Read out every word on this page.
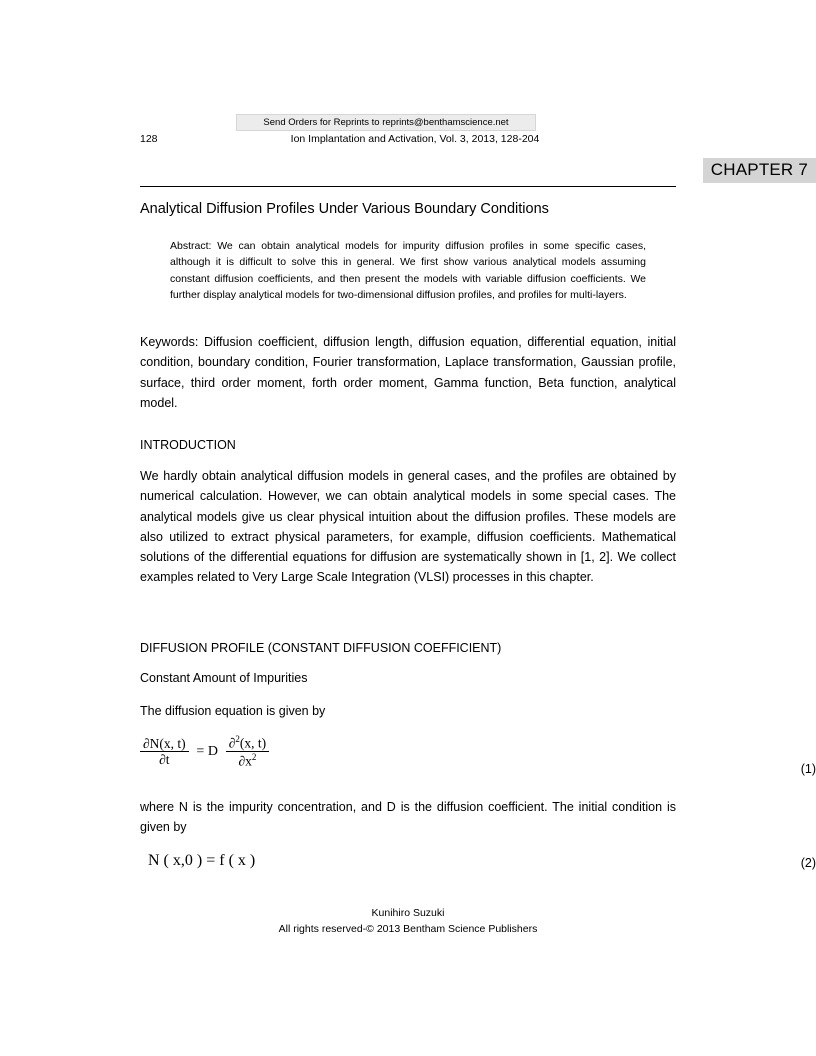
Send Orders for Reprints to reprints@benthamscience.net
128	Ion Implantation and Activation, Vol. 3, 2013, 128-204
CHAPTER 7
Analytical Diffusion Profiles Under Various Boundary Conditions
Abstract: We can obtain analytical models for impurity diffusion profiles in some specific cases, although it is difficult to solve this in general. We first show various analytical models assuming constant diffusion coefficients, and then present the models with variable diffusion coefficients. We further display analytical models for two-dimensional diffusion profiles, and profiles for multi-layers.
Keywords: Diffusion coefficient, diffusion length, diffusion equation, differential equation, initial condition, boundary condition, Fourier transformation, Laplace transformation, Gaussian profile, surface, third order moment, forth order moment, Gamma function, Beta function, analytical model.
INTRODUCTION
We hardly obtain analytical diffusion models in general cases, and the profiles are obtained by numerical calculation. However, we can obtain analytical models in some special cases. The analytical models give us clear physical intuition about the diffusion profiles. These models are also utilized to extract physical parameters, for example, diffusion coefficients. Mathematical solutions of the differential equations for diffusion are systematically shown in [1, 2]. We collect examples related to Very Large Scale Integration (VLSI) processes in this chapter.
DIFFUSION PROFILE (CONSTANT DIFFUSION COEFFICIENT)
Constant Amount of Impurities
The diffusion equation is given by
$\frac{\partial N(x, t)}{\partial t} = D \frac{\partial^2(x, t)}{\partial x^2}$	(1)
where N is the impurity concentration, and D is the diffusion coefficient. The initial condition is given by
N ( x,0 ) = f ( x )	(2)
Kunihiro Suzuki
All rights reserved-© 2013 Bentham Science Publishers
